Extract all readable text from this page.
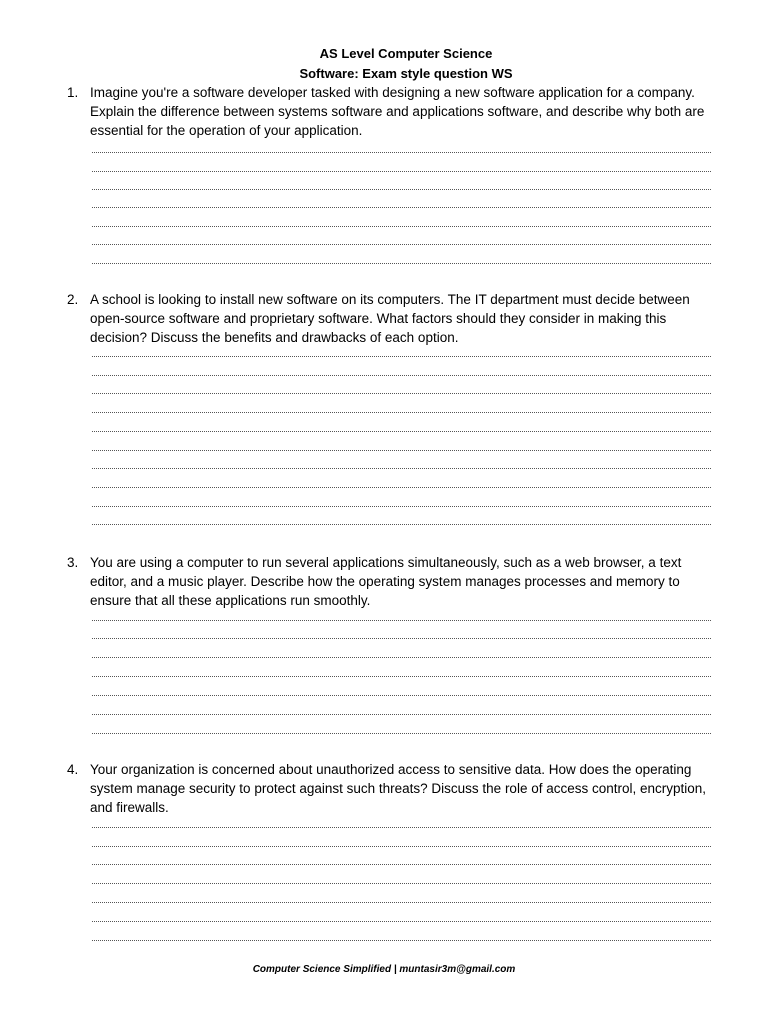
AS Level Computer Science
Software: Exam style question WS
1. Imagine you're a software developer tasked with designing a new software application for a company.
Explain the difference between systems software and applications software, and describe why both are
essential for the operation of your application.
2. A school is looking to install new software on its computers. The IT department must decide between
open-source software and proprietary software. What factors should they consider in making this
decision? Discuss the benefits and drawbacks of each option.
3. You are using a computer to run several applications simultaneously, such as a web browser, a text
editor, and a music player. Describe how the operating system manages processes and memory to
ensure that all these applications run smoothly.
4. Your organization is concerned about unauthorized access to sensitive data. How does the operating
system manage security to protect against such threats? Discuss the role of access control, encryption,
and firewalls.
Computer Science Simplified | muntasir3m@gmail.com
